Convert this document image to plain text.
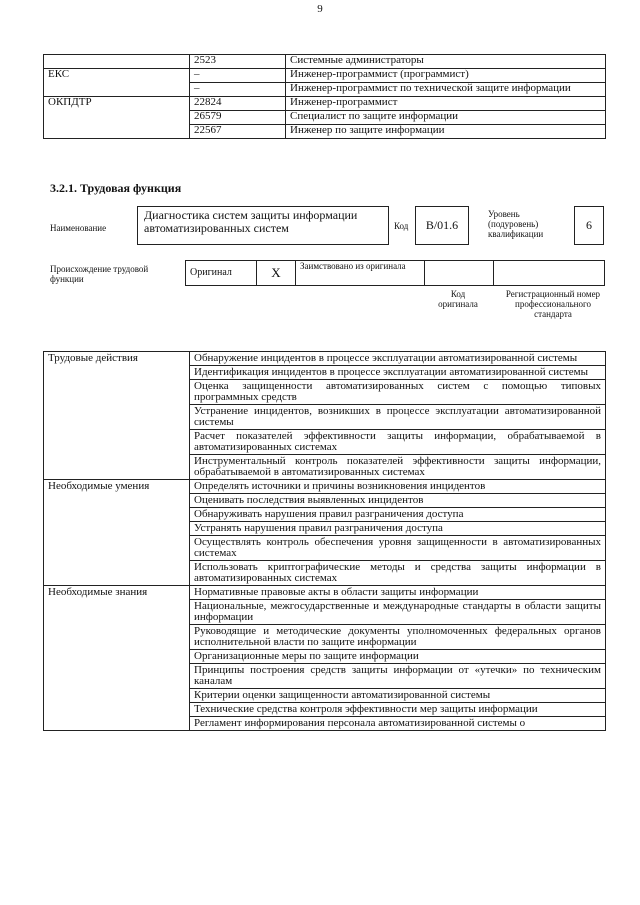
9
	2523	Системные администраторы
ЕКС	–	Инженер-программист (программист)
	–	Инженер-программист по технической защите информации
ОКПДТР	22824	Инженер-программист
	26579	Специалист по защите информации
	22567	Инженер по защите информации
3.2.1. Трудовая функция
Наименование
Диагностика систем защиты информации автоматизированных систем	Код	В/01.6
Уровень (подуровень) квалификации
6
Происхождение трудовой функции
Оригинал	X	Заимствовано из оригинала		
Код оригинала
Регистрационный номер профессионального стандарта
Трудовые действия	Обнаружение инцидентов в процессе эксплуатации автоматизированной системы
	Идентификация инцидентов в процессе эксплуатации автоматизированной системы
	Оценка защищенности автоматизированных систем с помощью типовых программных средств
	Устранение инцидентов, возникших в процессе эксплуатации автоматизированной системы
	Расчет показателей эффективности защиты информации, обрабатываемой в автоматизированных системах
	Инструментальный контроль показателей эффективности защиты информации, обрабатываемой в автоматизированных системах
Необходимые умения	Определять источники и причины возникновения инцидентов
	Оценивать последствия выявленных инцидентов
	Обнаруживать нарушения правил разграничения доступа
	Устранять нарушения правил разграничения доступа
	Осуществлять контроль обеспечения уровня защищенности в автоматизированных системах
	Использовать криптографические методы и средства защиты информации в автоматизированных системах
Необходимые знания	Нормативные правовые акты в области защиты информации
	Национальные, межгосударственные и международные стандарты в области защиты информации
	Руководящие и методические документы уполномоченных федеральных органов исполнительной власти по защите информации
	Организационные меры по защите информации
	Принципы построения средств защиты информации от «утечки» по техническим каналам
	Критерии оценки защищенности автоматизированной системы
	Технические средства контроля эффективности мер защиты информации
	Регламент информирования персонала автоматизированной системы о
